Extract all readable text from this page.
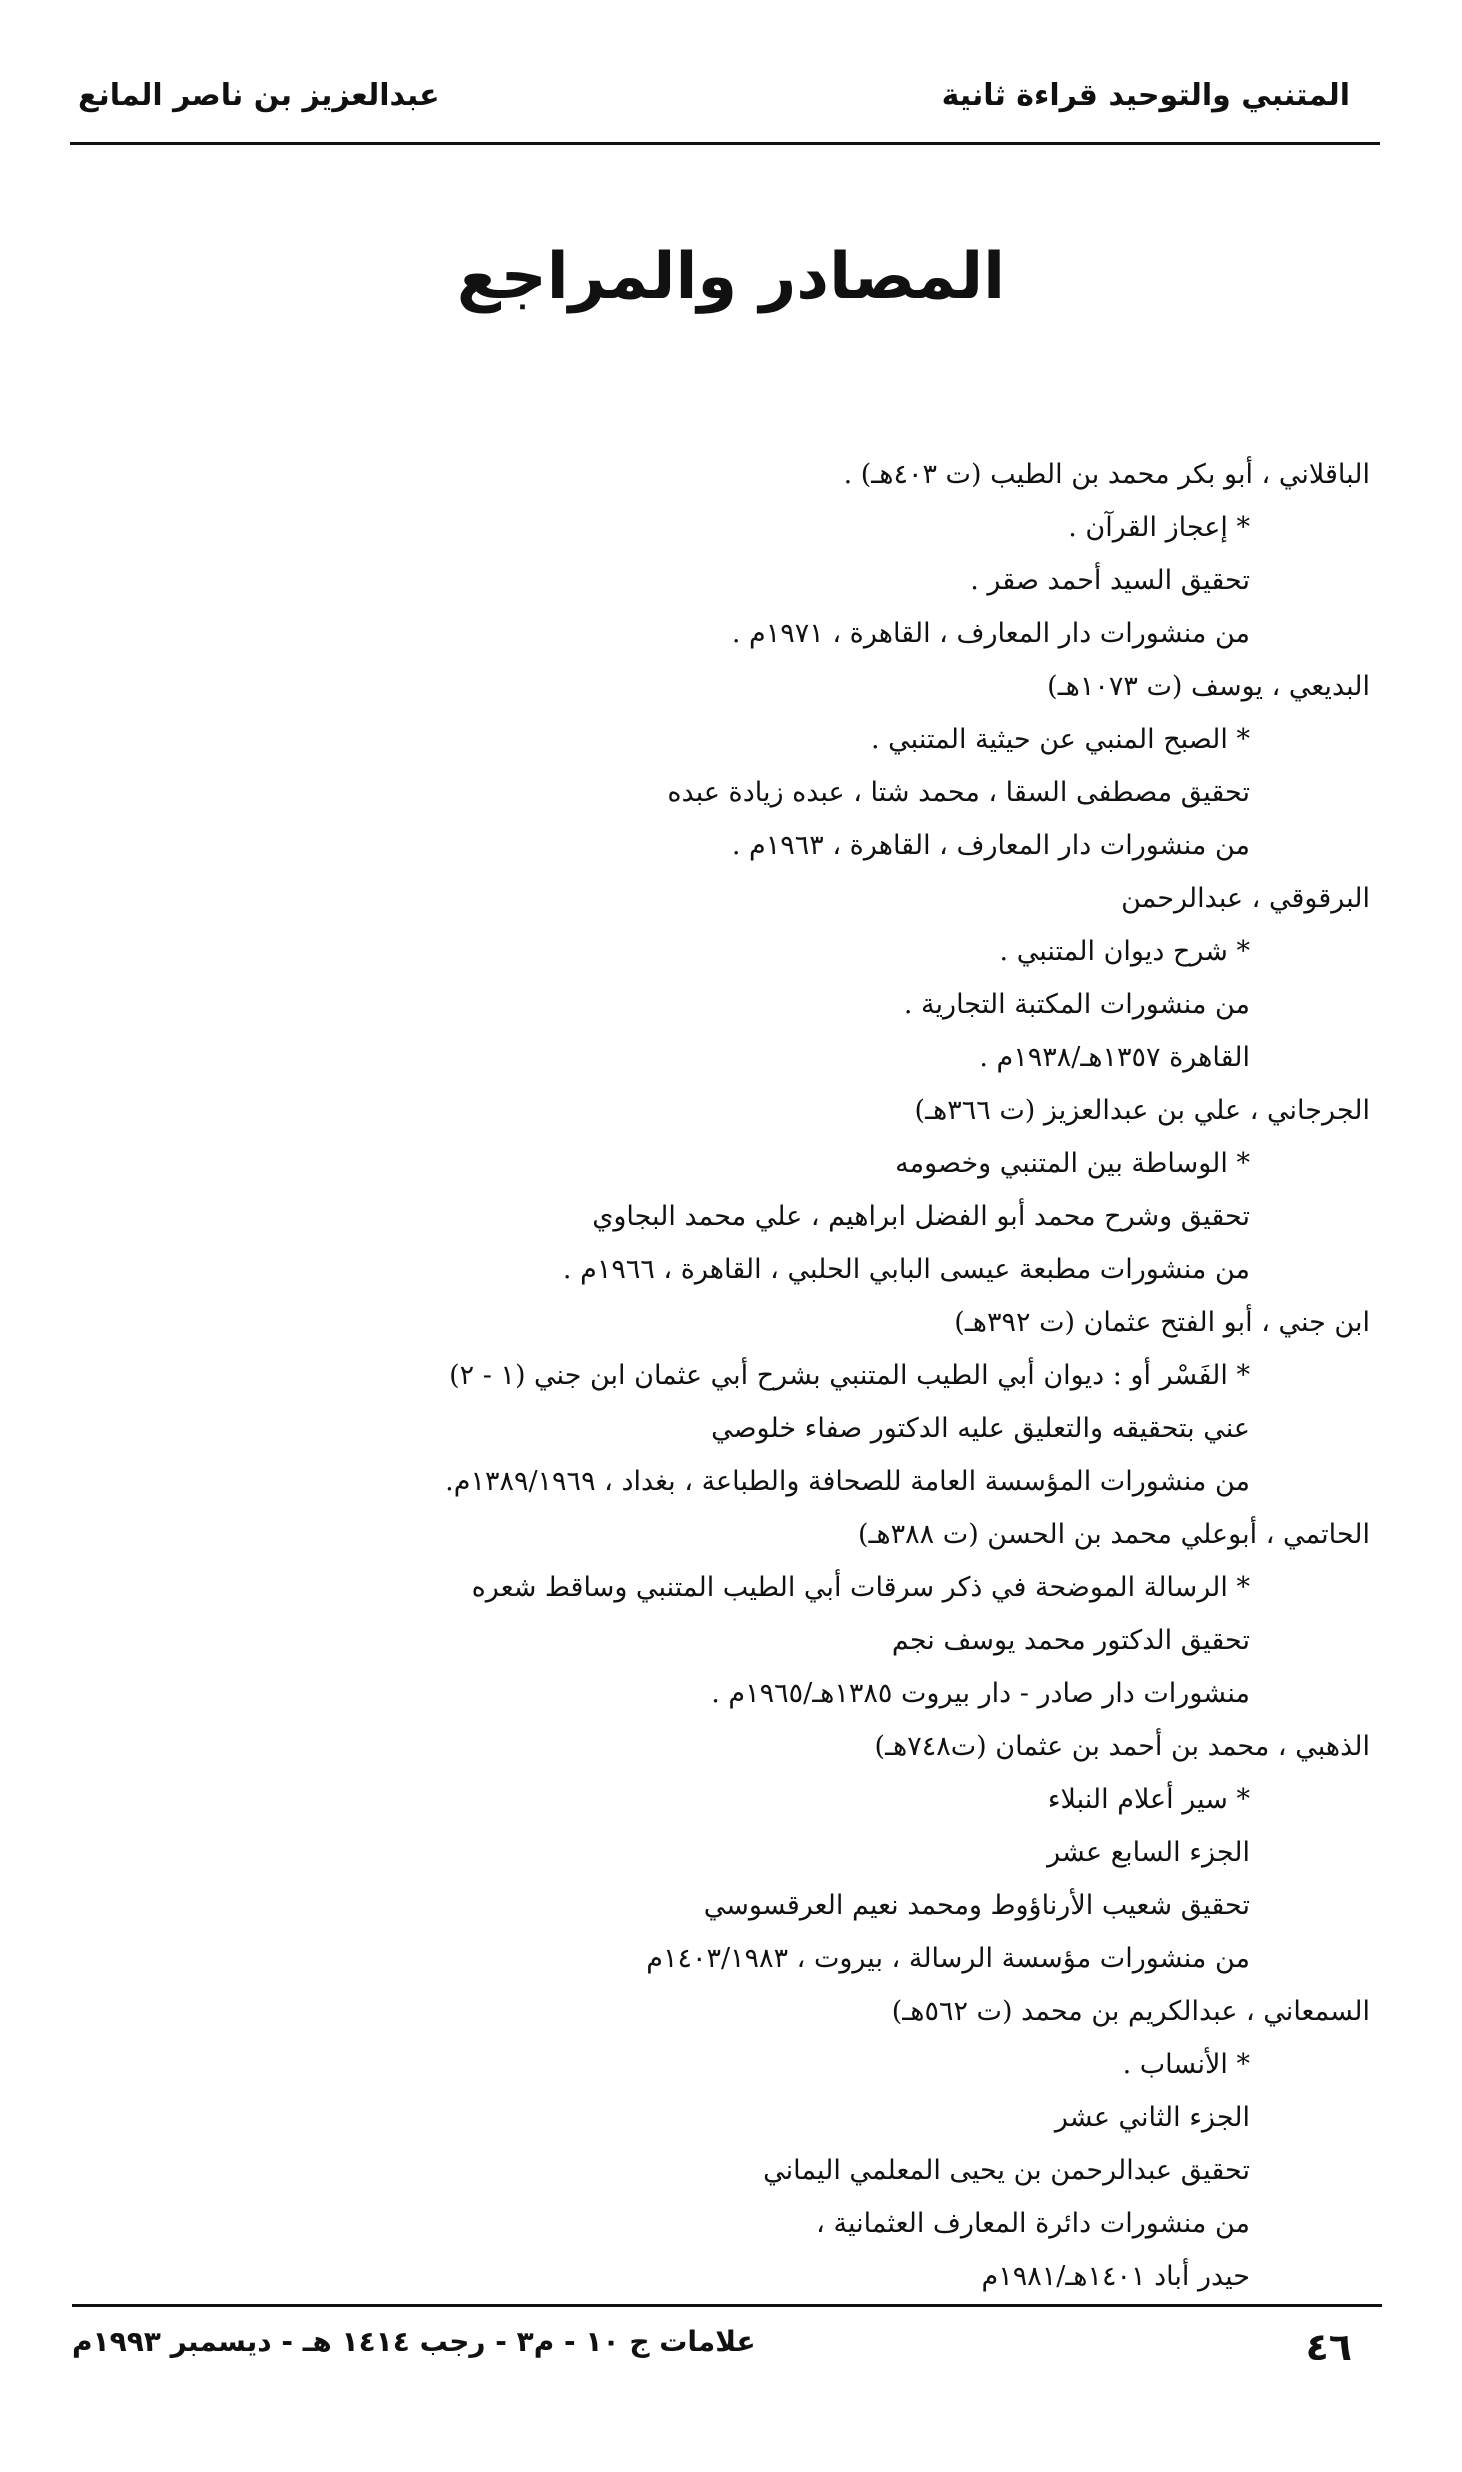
المتنبي والتوحيد قراءة ثانية
عبدالعزيز بن ناصر المانع
المصادر والمراجع
الباقلاني ، أبو بكر محمد بن الطيب (ت ٤٠٣هـ) .
* إعجاز القرآن .
تحقيق السيد أحمد صقر .
من منشورات دار المعارف ، القاهرة ، ١٩٧١م .
البديعي ، يوسف (ت ١٠٧٣هـ)
* الصبح المنبي عن حيثية المتنبي .
تحقيق مصطفى السقا ، محمد شتا ، عبده زيادة عبده
من منشورات دار المعارف ، القاهرة ، ١٩٦٣م .
البرقوقي ، عبدالرحمن
* شرح ديوان المتنبي .
من منشورات المكتبة التجارية .
القاهرة ١٣٥٧هـ/١٩٣٨م .
الجرجاني ، علي بن عبدالعزيز (ت ٣٦٦هـ)
* الوساطة بين المتنبي وخصومه
تحقيق وشرح محمد أبو الفضل ابراهيم ، علي محمد البجاوي
من منشورات مطبعة عيسى البابي الحلبي ، القاهرة ، ١٩٦٦م .
ابن جني ، أبو الفتح عثمان (ت ٣٩٢هـ)
* الفَسْر أو : ديوان أبي الطيب المتنبي بشرح أبي عثمان ابن جني (١ - ٢)
عني بتحقيقه والتعليق عليه الدكتور صفاء خلوصي
من منشورات المؤسسة العامة للصحافة والطباعة ، بغداد ، ١٣٨٩/١٩٦٩م.
الحاتمي ، أبوعلي محمد بن الحسن (ت ٣٨٨هـ)
* الرسالة الموضحة في ذكر سرقات أبي الطيب المتنبي وساقط شعره
تحقيق الدكتور محمد يوسف نجم
منشورات دار صادر - دار بيروت ١٣٨٥هـ/١٩٦٥م .
الذهبي ، محمد بن أحمد بن عثمان (ت٧٤٨هـ)
* سير أعلام النبلاء
الجزء السابع عشر
تحقيق شعيب الأرناؤوط ومحمد نعيم العرقسوسي
من منشورات مؤسسة الرسالة ، بيروت ، ١٤٠٣/١٩٨٣م
السمعاني ، عبدالكريم بن محمد (ت ٥٦٢هـ)
* الأنساب .
الجزء الثاني عشر
تحقيق عبدالرحمن بن يحيى المعلمي اليماني
من منشورات دائرة المعارف العثمانية ،
حيدر أباد ١٤٠١هـ/١٩٨١م
٤٦
علامات ج ١٠ - م٣ - رجب ١٤١٤ هـ - ديسمبر ١٩٩٣م
